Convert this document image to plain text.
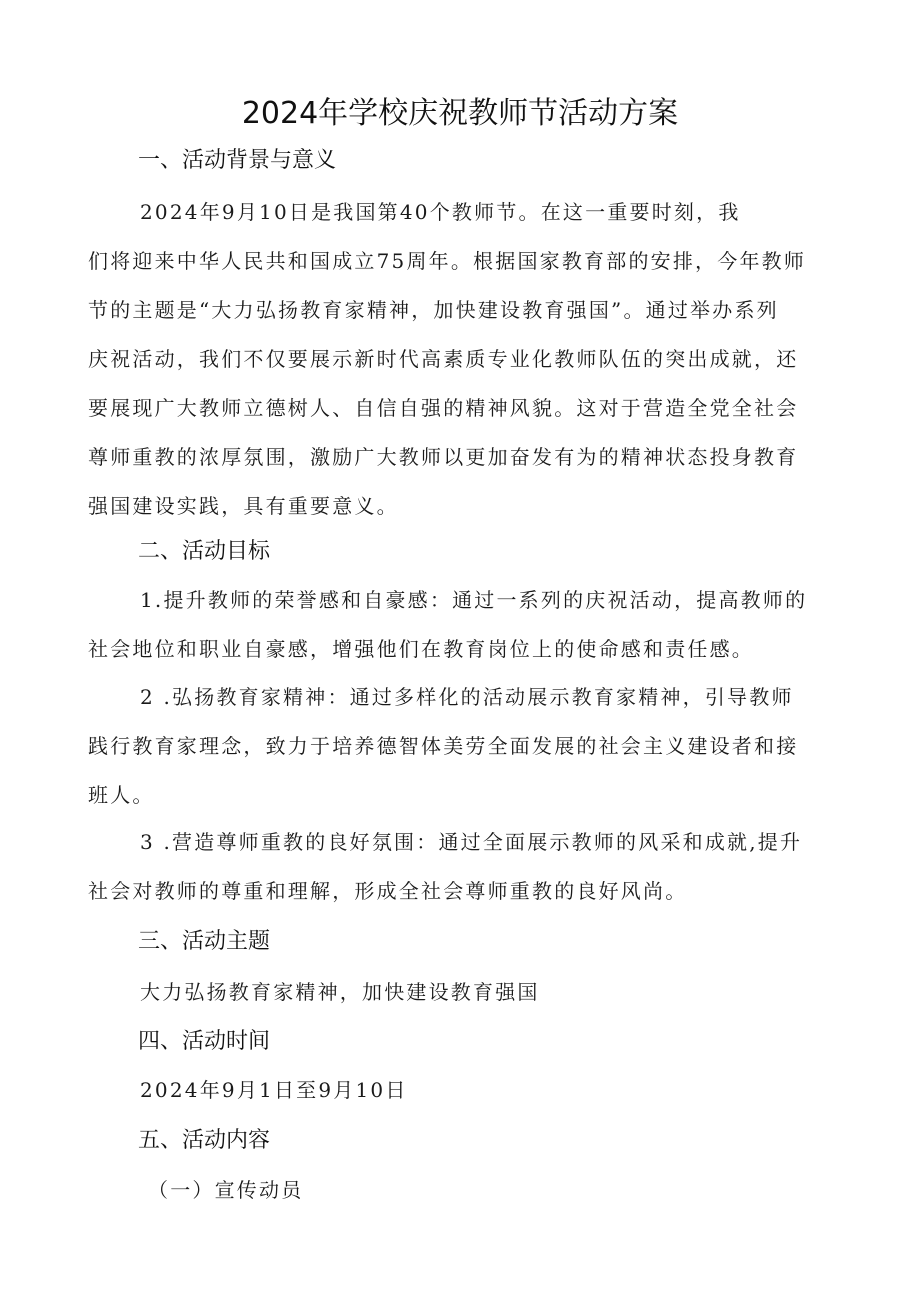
2024年学校庆祝教师节活动方案
一、活动背景与意义
2024年9月10日是我国第40个教师节。在这一重要时刻，我
们将迎来中华人民共和国成立75周年。根据国家教育部的安排，今年教师
节的主题是“大力弘扬教育家精神，加快建设教育强国”。通过举办系列
庆祝活动，我们不仅要展示新时代高素质专业化教师队伍的突出成就，还
要展现广大教师立德树人、自信自强的精神风貌。这对于营造全党全社会
尊师重教的浓厚氛围，激励广大教师以更加奋发有为的精神状态投身教育
强国建设实践，具有重要意义。
二、活动目标
1.提升教师的荣誉感和自豪感：通过一系列的庆祝活动，提高教师的
社会地位和职业自豪感，增强他们在教育岗位上的使命感和责任感。
2 .弘扬教育家精神：通过多样化的活动展示教育家精神，引导教师
践行教育家理念，致力于培养德智体美劳全面发展的社会主义建设者和接
班人。
3 .营造尊师重教的良好氛围：通过全面展示教师的风采和成就,提升
社会对教师的尊重和理解，形成全社会尊师重教的良好风尚。
三、活动主题

大力弘扬教育家精神，加快建设教育强国

四、活动时间

2024年9月1日至9月10日

五、活动内容

（一）宣传动员
